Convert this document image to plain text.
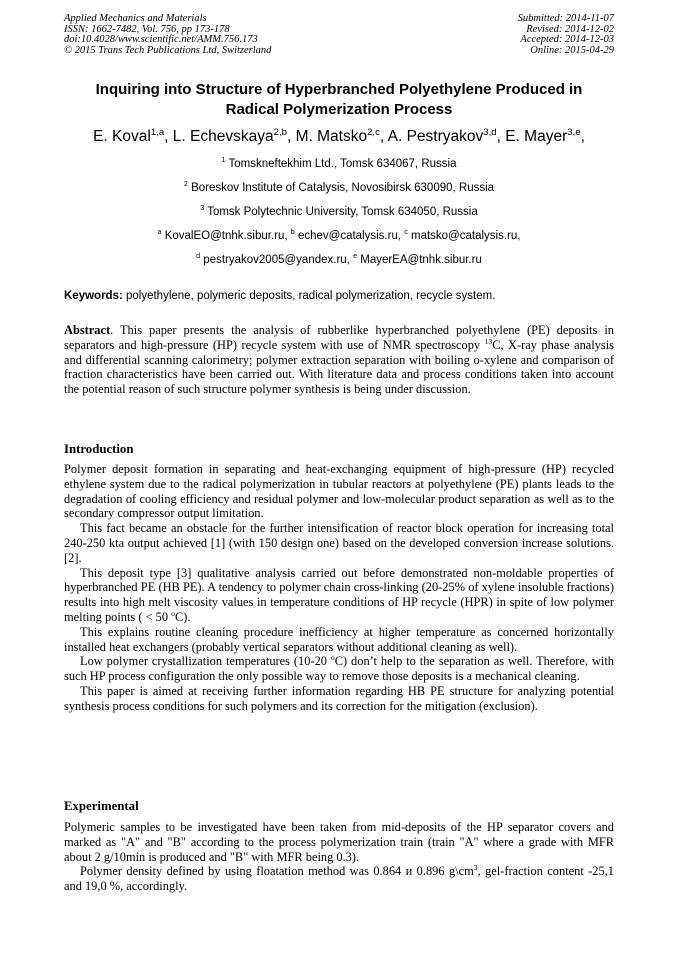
Applied Mechanics and Materials
ISSN: 1662-7482, Vol. 756, pp 173-178
doi:10.4028/www.scientific.net/AMM.756.173
© 2015 Trans Tech Publications Ltd, Switzerland
Submitted: 2014-11-07
Revised: 2014-12-02
Accepted: 2014-12-03
Online: 2015-04-29
Inquiring into Structure of Hyperbranched Polyethylene Produced in
Radical Polymerization Process
E. Koval$^{1,a}$, L. Echevskaya$^{2,b}$, M. Matsko$^{2,c}$, A. Pestryakov$^{3,d}$, E. Mayer$^{3,e}$,
$^1$ Tomskneftekhim Ltd., Tomsk 634067, Russia
$^2$ Boreskov Institute of Catalysis, Novosibirsk 630090, Russia
$^3$ Tomsk Polytechnic University, Tomsk 634050, Russia
$^a$ KovalEO@tnhk.sibur.ru, $^b$ echev@catalysis.ru, $^c$ matsko@catalysis.ru,
$^d$ pestryakov2005@yandex.ru, $^e$ MayerEA@tnhk.sibur.ru
Keywords: polyethylene, polymeric deposits, radical polymerization, recycle system.

Abstract. This paper presents the analysis of rubberlike hyperbranched polyethylene (PE) deposits in separators and high-pressure (HP) recycle system with use of NMR spectroscopy $^{13}$C, X-ray phase analysis and differential scanning calorimetry; polymer extraction separation with boiling o-xylene and comparison of fraction characteristics have been carried out. With literature data and process conditions taken into account the potential reason of such structure polymer synthesis is being under discussion.

Introduction

Polymer deposit formation in separating and heat-exchanging equipment of high-pressure (HP) recycled ethylene system due to the radical polymerization in tubular reactors at polyethylene (PE) plants leads to the degradation of cooling efficiency and residual polymer and low-molecular product separation as well as to the secondary compressor output limitation.

This fact became an obstacle for the further intensification of reactor block operation for increasing total 240-250 kta output achieved [1] (with 150 design one) based on the developed conversion increase solutions. [2].

This deposit type [3] qualitative analysis carried out before demonstrated non-moldable properties of hyperbranched PE (HB PE). A tendency to polymer chain cross-linking (20-25% of xylene insoluble fractions) results into high melt viscosity values in temperature conditions of HP recycle (HPR) in spite of low polymer melting points ( < 50 $^o$C).

This explains routine cleaning procedure inefficiency at higher temperature as concerned horizontally installed heat exchangers (probably vertical separators without additional cleaning as well).

Low polymer crystallization temperatures (10-20 $^o$C) don’t help to the separation as well. Therefore, with such HP process configuration the only possible way to remove those deposits is a mechanical cleaning.

This paper is aimed at receiving further information regarding HB PE structure for analyzing potential synthesis process conditions for such polymers and its correction for the mitigation (exclusion).

Experimental

Polymeric samples to be investigated have been taken from mid-deposits of the HP separator covers and marked as "A" and "B" according to the process polymerization train (train "A" where a grade with MFR about 2 g/10min is produced and "B" with MFR being 0.3).

Polymer density defined by using floatation method was 0.864 и 0.896 $g\backslash cm^3$, gel-fraction content -25,1 and 19,0 %, accordingly.
